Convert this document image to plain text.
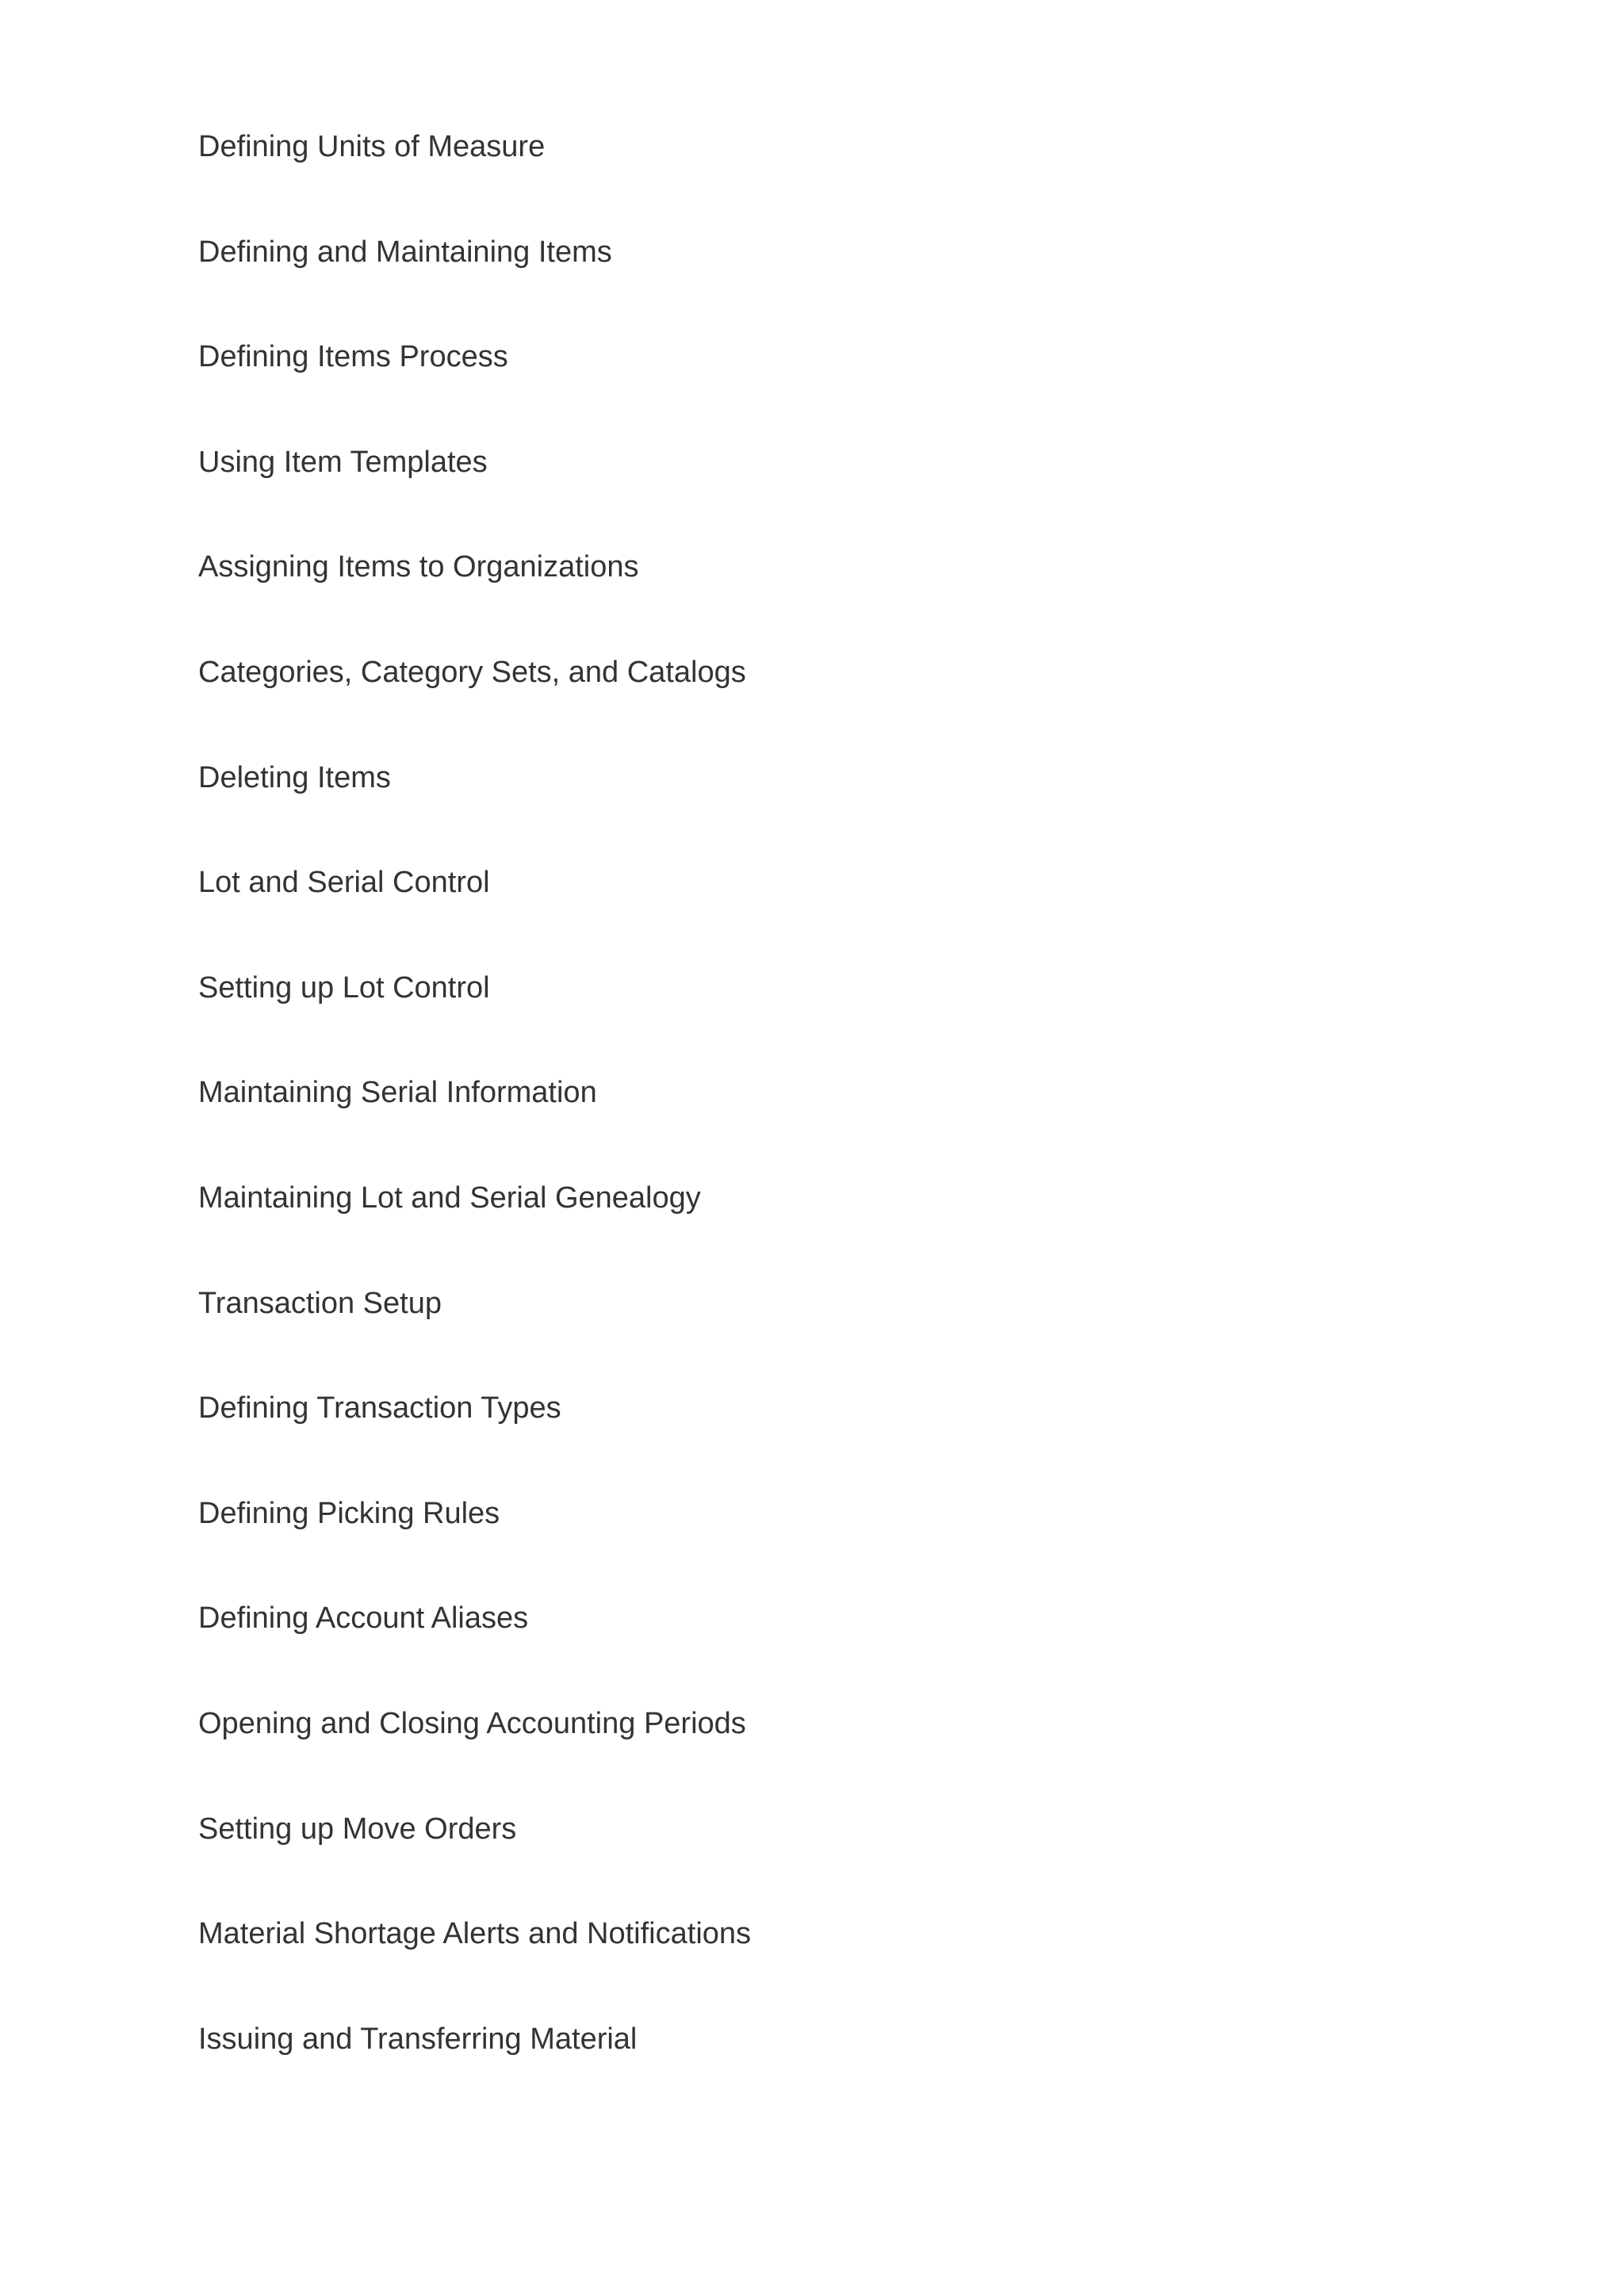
Defining Units of Measure
Defining and Maintaining Items
Defining Items Process
Using Item Templates
Assigning Items to Organizations
Categories, Category Sets, and Catalogs
Deleting Items
Lot and Serial Control
Setting up Lot Control
Maintaining Serial Information
Maintaining Lot and Serial Genealogy
Transaction Setup
Defining Transaction Types
Defining Picking Rules
Defining Account Aliases
Opening and Closing Accounting Periods
Setting up Move Orders
Material Shortage Alerts and Notifications
Issuing and Transferring Material
